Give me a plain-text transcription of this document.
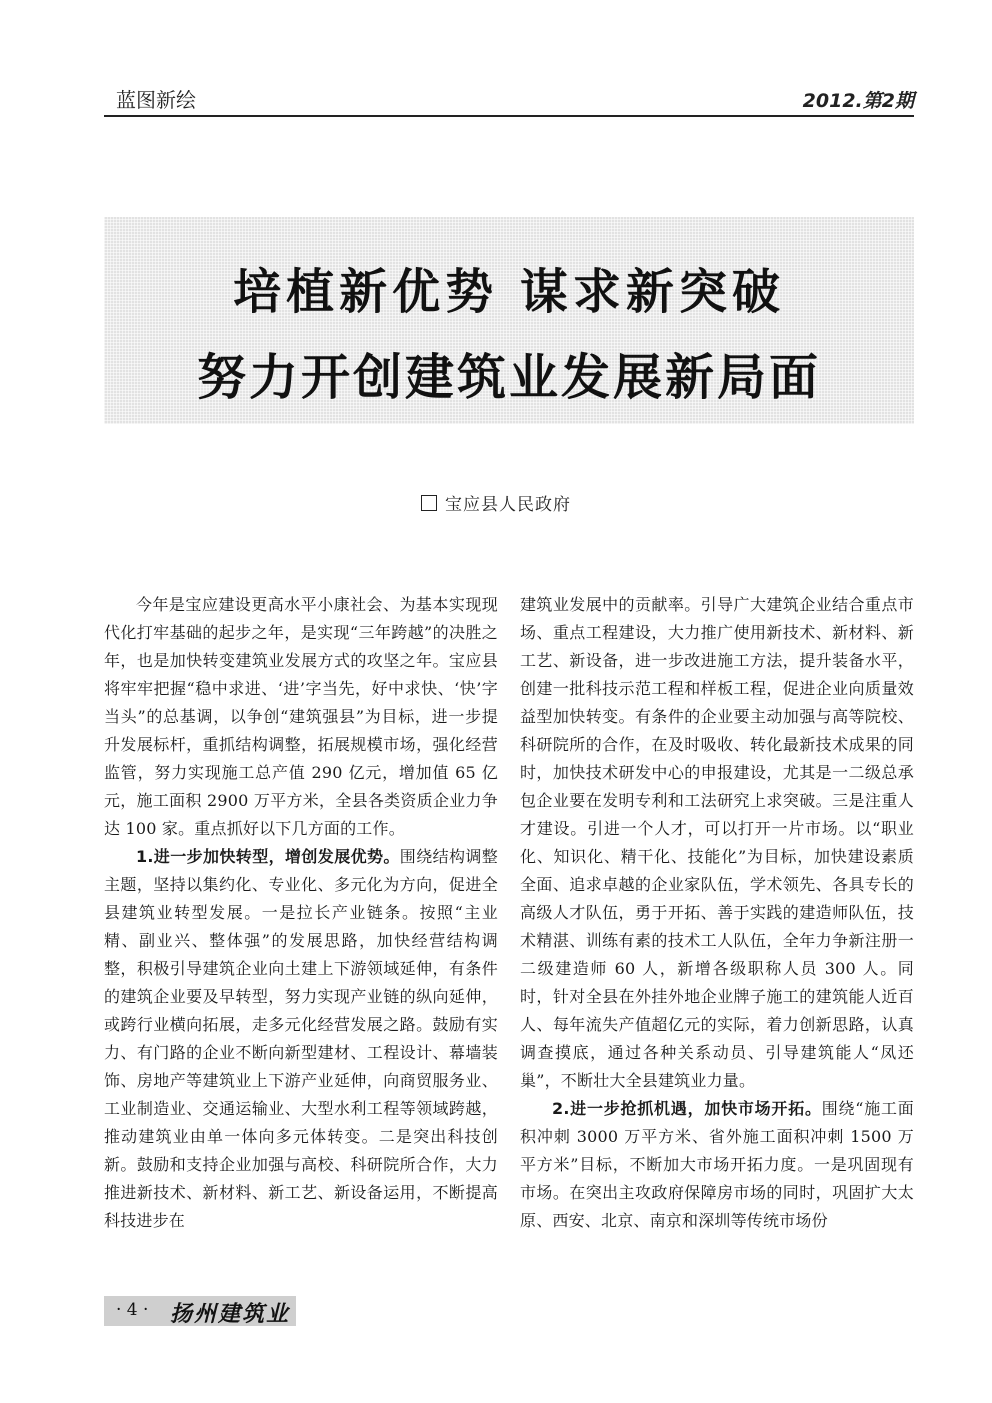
蓝图新绘	2012.第2期
培植新优势 谋求新突破
努力开创建筑业发展新局面
宝应县人民政府

今年是宝应建设更高水平小康社会、为基本实现现代化打牢基础的起步之年，是实现“三年跨越”的决胜之年，也是加快转变建筑业发展方式的攻坚之年。宝应县将牢牢把握“稳中求进、‘进’字当先，好中求快、‘快’字当头”的总基调，以争创“建筑强县”为目标，进一步提升发展标杆，重抓结构调整，拓展规模市场，强化经营监管，努力实现施工总产值 290 亿元，增加值 65 亿元，施工面积 2900 万平方米，全县各类资质企业力争达 100 家。重点抓好以下几方面的工作。

1.进一步加快转型，增创发展优势。围绕结构调整主题，坚持以集约化、专业化、多元化为方向，促进全县建筑业转型发展。一是拉长产业链条。按照“主业精、副业兴、整体强”的发展思路，加快经营结构调整，积极引导建筑企业向土建上下游领域延伸，有条件的建筑企业要及早转型，努力实现产业链的纵向延伸，或跨行业横向拓展，走多元化经营发展之路。鼓励有实力、有门路的企业不断向新型建材、工程设计、幕墙装饰、房地产等建筑业上下游产业延伸，向商贸服务业、工业制造业、交通运输业、大型水利工程等领域跨越，推动建筑业由单一体向多元体转变。二是突出科技创新。鼓励和支持企业加强与高校、科研院所合作，大力推进新技术、新材料、新工艺、新设备运用，不断提高科技进步在

建筑业发展中的贡献率。引导广大建筑企业结合重点市场、重点工程建设，大力推广使用新技术、新材料、新工艺、新设备，进一步改进施工方法，提升装备水平，创建一批科技示范工程和样板工程，促进企业向质量效益型加快转变。有条件的企业要主动加强与高等院校、科研院所的合作，在及时吸收、转化最新技术成果的同时，加快技术研发中心的申报建设，尤其是一二级总承包企业要在发明专利和工法研究上求突破。三是注重人才建设。引进一个人才，可以打开一片市场。以“职业化、知识化、精干化、技能化”为目标，加快建设素质全面、追求卓越的企业家队伍，学术领先、各具专长的高级人才队伍，勇于开拓、善于实践的建造师队伍，技术精湛、训练有素的技术工人队伍，全年力争新注册一二级建造师 60 人，新增各级职称人员 300 人。同时，针对全县在外挂外地企业牌子施工的建筑能人近百人、每年流失产值超亿元的实际，着力创新思路，认真调查摸底，通过各种关系动员、引导建筑能人“凤还巢”，不断壮大全县建筑业力量。

2.进一步抢抓机遇，加快市场开拓。围绕“施工面积冲刺 3000 万平方米、省外施工面积冲刺 1500 万平方米”目标，不断加大市场开拓力度。一是巩固现有市场。在突出主攻政府保障房市场的同时，巩固扩大太原、西安、北京、南京和深圳等传统市场份

· 4 · 扬州建筑业
